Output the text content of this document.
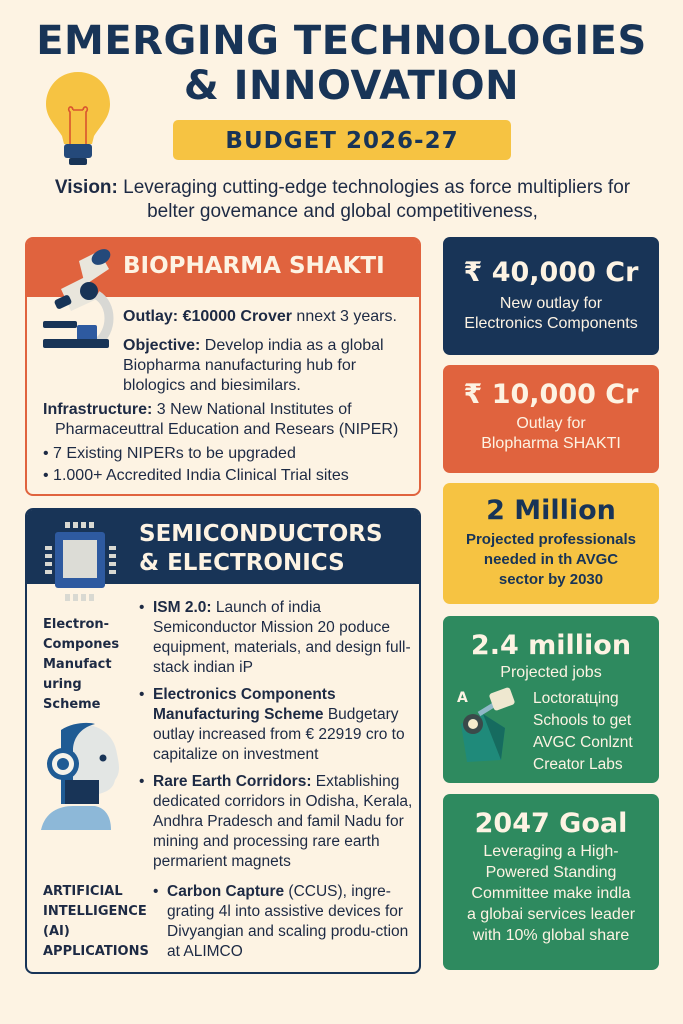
EMERGING TECHNOLOGIES
& INNOVATION
BUDGET 2026-27
Vision: Leveraging cutting-edge technologies as force multipliers for belter govemance and global competitiveness,
BIOPHARMA SHAKTI
Outlay: €10000 Crover nnext 3 years.
Objective: Develop india as a global Biopharma nanufacturing hub for blologics and biesimilars.
Infrastructure: 3 New National Institutes of
Pharmaceuttral Education and Resears (NIPER)
• 7 Existing NIPERs to be upgraded
• 1.000+ Accredited India Clinical Trial sites
SEMICONDUCTORS
& ELECTRONICS
Electron-
Compones
Manufact
uring
Scheme
ARTIFICIAL
INTELLIGENCE
(AI)
APPLICATIONS
• ISM 2.0: Launch of india Semiconductor Mission 20 poduce equipment, materials, and design full-stack indian iP
• Electronics Components Manufacturing Scheme Budgetary outlay increased from € 22919 cro to capitalize on investment
• Rare Earth Corridors: Extablishing dedicated corridors in Odisha, Kerala, Andhra Pradesch and famil Nadu for mining and processing rare earth permarient magnets
• Carbon Capture (CCUS), ingre-grating 4l into assistive devices for Divyangian and scaling produ-ction at ALIMCO
₹ 40,000 Cr
New outlay for
Electronics Components
₹ 10,000 Cr
Outlay for
Blopharma SHAKTI
2 Million
Projected professionals
needed in th AVGC
sector by 2030
2.4 million
Projected jobs
A	Loctoratцing
Schools to get
AVGC Conlznt
Creator Labs
2047 Goal
Leveraging a High-
Powered Standing
Committee make indla
a globai services leader
with 10% global share
